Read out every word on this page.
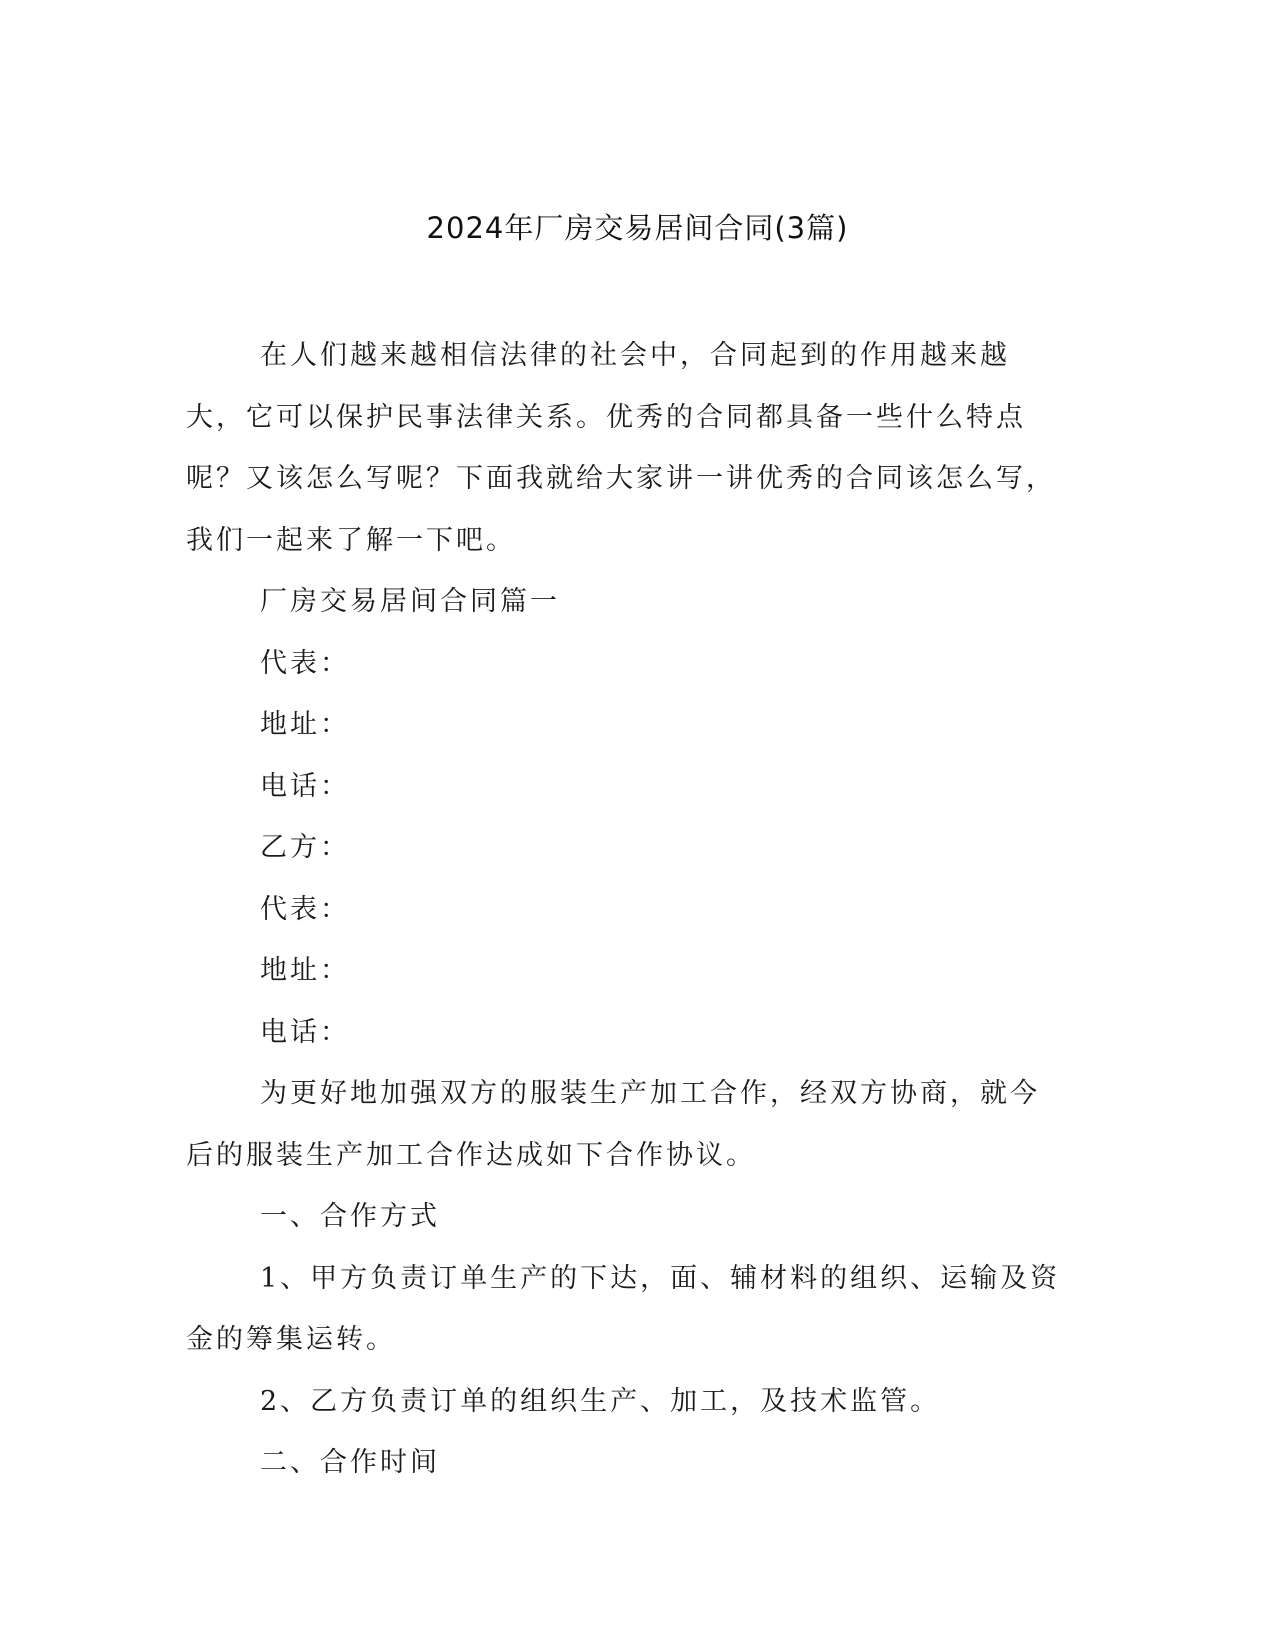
2024年厂房交易居间合同(3篇)

在人们越来越相信法律的社会中，合同起到的作用越来越大，它可以保护民事法律关系。优秀的合同都具备一些什么特点呢？又该怎么写呢？下面我就给大家讲一讲优秀的合同该怎么写，我们一起来了解一下吧。

厂房交易居间合同篇一

代表：

地址：

电话：

乙方：

代表：

地址：

电话：

为更好地加强双方的服装生产加工合作，经双方协商，就今后的服装生产加工合作达成如下合作协议。

一、合作方式

1、甲方负责订单生产的下达，面、辅材料的组织、运输及资金的筹集运转。

2、乙方负责订单的组织生产、加工，及技术监管。

二、合作时间
